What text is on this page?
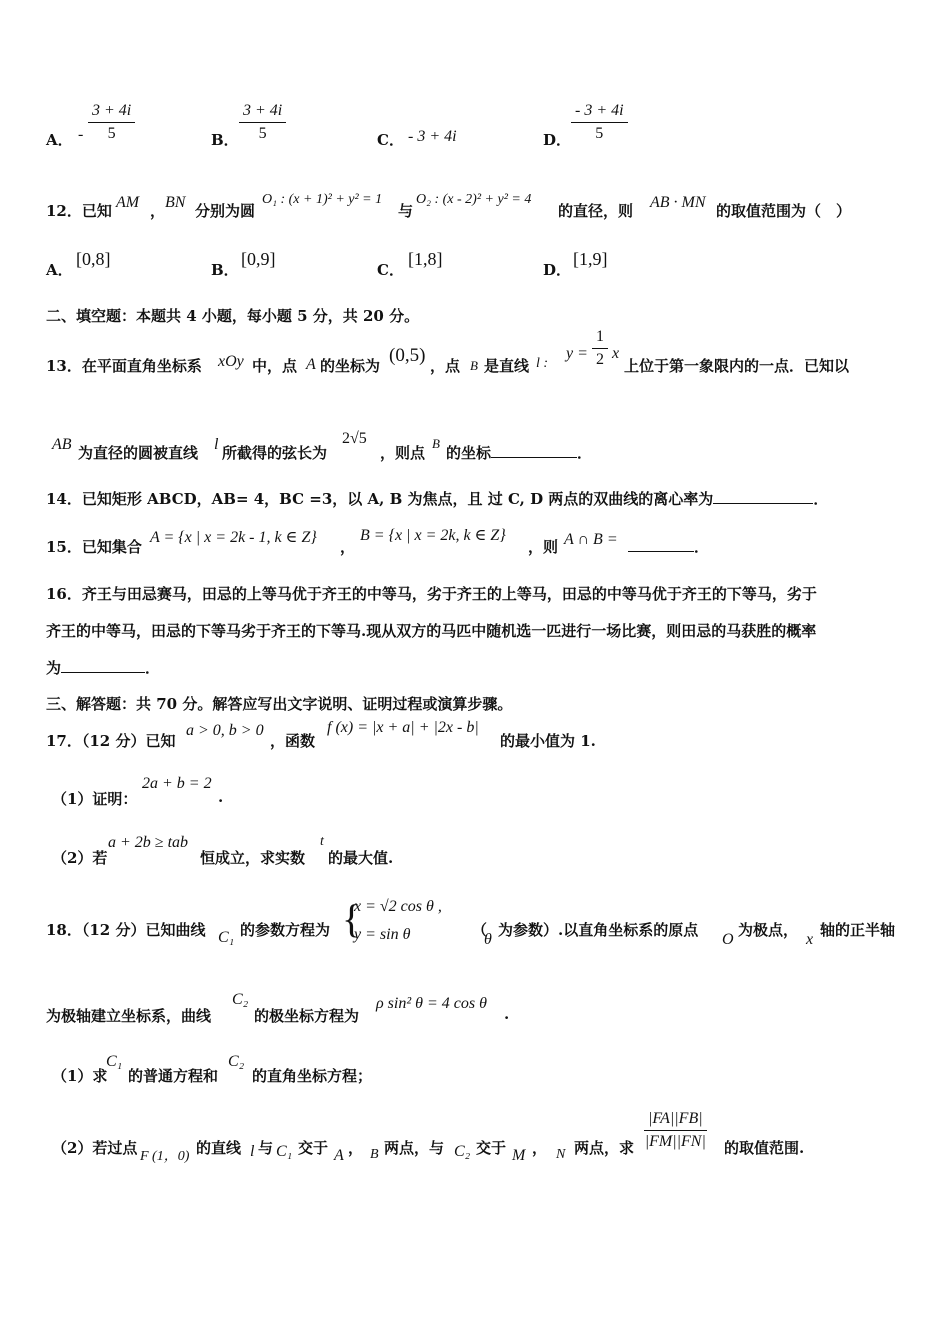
A． - $\frac{3 + 4i}{5}$	B． $\frac{3 + 4i}{5}$	C． - 3 + 4i	D． $\frac{- 3 + 4i}{5}$
12．已知 AM ， BN 分别为圆
O₁ : (x + 1)² + y² = 1
与
O₂ : (x - 2)² + y² = 4
的直径，则 AB · MN 的取值范围为（　）
A．
[0,8]
B．
[0,9]
C．
[1,8]
D．
[1,9]
二、填空题：本题共 4 小题，每小题 5 分，共 20 分。
13．在平面直角坐标系 xOy 中，点 A 的坐标为 (0,5) ，点 B 是直线 l :
$y = \frac{1}{2}$ x
上位于第一象限内的一点．已知以
AB 为直径的圆被直线 l 所截得的弦长为
2√5
，则点
B
的坐标	．
14．已知矩形 ABCD，AB= 4，BC =3，以 A, B 为焦点，且 过 C, D 两点的双曲线的离心率为	．
15．已知集合
A = {x | x = 2k - 1, k ∈ Z}
，
B = {x | x = 2k, k ∈ Z}
，则 A ∩ B =	．
16．齐王与田忌赛马，田忌的上等马优于齐王的中等马，劣于齐王的上等马，田忌的中等马优于齐王的下等马，劣于
齐王的中等马，田忌的下等马劣于齐王的下等马.现从双方的马匹中随机选一匹进行一场比赛，则田忌的马获胜的概率
为	．
三、解答题：共 70 分。解答应写出文字说明、证明过程或演算步骤。
17．（12 分）已知
a > 0, b > 0
，函数
f (x) = |x + a| + |2x - b|
的最小值为 1.
（1）证明：
2a + b = 2
.
（2）若
a + 2b ≥ tab
恒成立，求实数
t
的最大值.
18．（12 分）已知曲线 C₁ 的参数方程为 {
x = √2 cos θ ,
y = sin θ	（
θ
为参数）.以直角坐标系的原点
O
为极点，
x
轴的正半轴
为极轴建立坐标系，曲线
C₂
的极坐标方程为
ρ sin² θ = 4 cos θ
.
（1）求
C₁
的普通方程和
C₂
的直角坐标方程；
（2）若过点 F (1，0) 的直线 l 与 C₁ 交于 A ， B 两点，与 C₂ 交于 M ， N 两点，求 $\frac{|FA||FB|}{|FM||FN|}$ 的取值范围.
